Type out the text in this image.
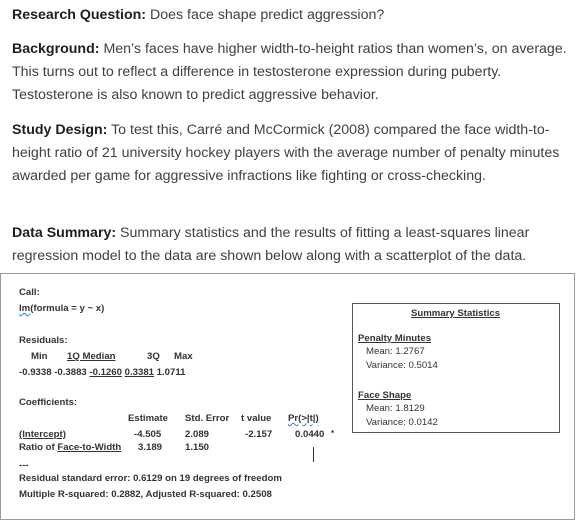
Research Question: Does face shape predict aggression?

Background: Men’s faces have higher width-to-height ratios than women’s, on average. This turns out to reflect a difference in testosterone expression during puberty. Testosterone is also known to predict aggressive behavior.

Study Design: To test this, Carré and McCormick (2008) compared the face width-to-height ratio of 21 university hockey players with the average number of penalty minutes awarded per game for aggressive infractions like fighting or cross-checking.

Data Summary: Summary statistics and the results of fitting a least-squares linear regression model to the data are shown below along with a scatterplot of the data.

Call:
lm(formula = y ~ x)
Residuals:
Min 1Q Median	3Q Max
-0.9338 -0.3883 -0.1260 0.3381 1.0711
Coefficients:
Estimate Std. Error t value Pr(>|t|)
(Intercept)	-4.505 2.089	-2.157 0.0440 *
Ratio of Face-to-Width 3.189 1.150
---
Residual standard error: 0.6129 on 19 degrees of freedom
Multiple R-squared: 0.2882, Adjusted R-squared: 0.2508
Summary Statistics
Penalty Minutes
Mean: 1.2767
Variance: 0.5014
Face Shape
Mean: 1.8129
Variance: 0.0142
